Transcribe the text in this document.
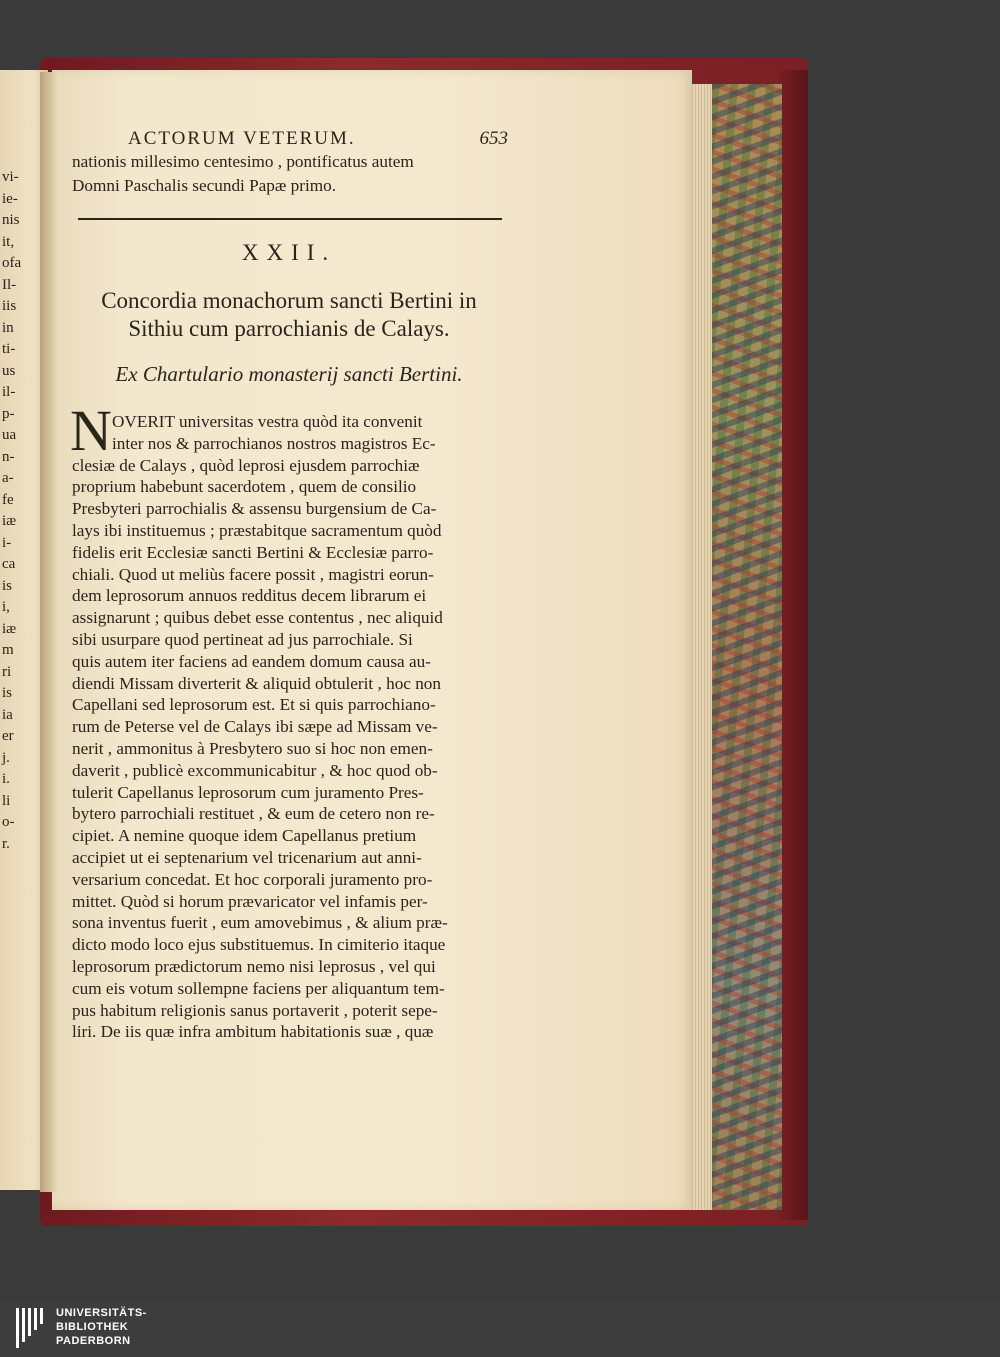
vi-
ie-
nis
it,
ofa
Il-
iis
in
ti-
us
il-
p-
ua
n-
a-
fe
iæ
i-
ca
is
i,
iæ
m
ri
is
ia
er
j.
i.
li
o-
r.
ACTORUM VETERUM.	653
nationis millesimo centesimo , pontificatus autem
Domni Paschalis secundi Papæ primo.
XXII.
Concordia monachorum sancti Bertini in
Sithiu cum parrochianis de Calays.
Ex Chartulario monasterij sancti Bertini.
N OVERIT universitas vestra quòd ita convenit
inter nos & parrochianos nostros magistros Ec-
clesiæ de Calays , quòd leprosi ejusdem parrochiæ
proprium habebunt sacerdotem , quem de consilio
Presbyteri parrochialis & assensu burgensium de Ca-
lays ibi instituemus ; præstabitque sacramentum quòd
fidelis erit Ecclesiæ sancti Bertini & Ecclesiæ parro-
chiali. Quod ut meliùs facere possit , magistri eorun-
dem leprosorum annuos redditus decem librarum ei
assignarunt ; quibus debet esse contentus , nec aliquid
sibi usurpare quod pertineat ad jus parrochiale. Si
quis autem iter faciens ad eandem domum causa au-
diendi Missam diverterit & aliquid obtulerit , hoc non
Capellani sed leprosorum est. Et si quis parrochiano-
rum de Peterse vel de Calays ibi sæpe ad Missam ve-
nerit , ammonitus à Presbytero suo si hoc non emen-
daverit , publicè excommunicabitur , & hoc quod ob-
tulerit Capellanus leprosorum cum juramento Pres-
bytero parrochiali restituet , & eum de cetero non re-
cipiet. A nemine quoque idem Capellanus pretium
accipiet ut ei septenarium vel tricenarium aut anni-
versarium concedat. Et hoc corporali juramento pro-
mittet. Quòd si horum prævaricator vel infamis per-
sona inventus fuerit , eum amovebimus , & alium præ-
dicto modo loco ejus substituemus. In cimiterio itaque
leprosorum prædictorum nemo nisi leprosus , vel qui
cum eis votum sollempne faciens per aliquantum tem-
pus habitum religionis sanus portaverit , poterit sepe-
liri. De iis quæ infra ambitum habitationis suæ , quæ
UNIVERSITÄTS-
BIBLIOTHEK
PADERBORN
